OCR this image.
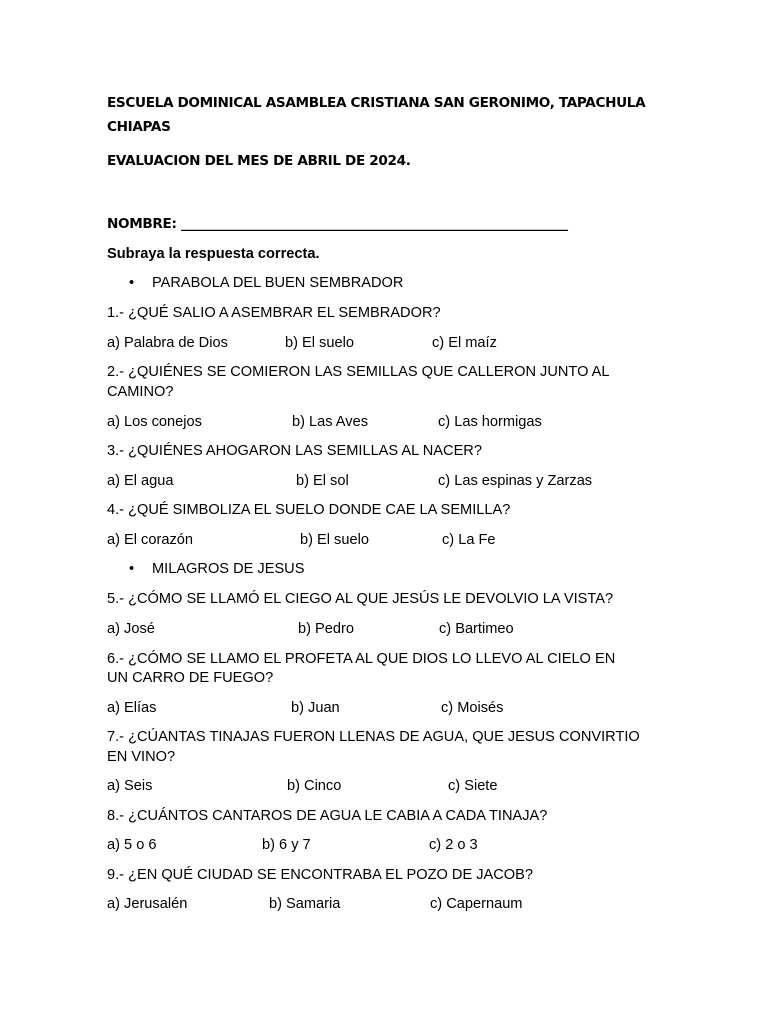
ESCUELA DOMINICAL ASAMBLEA CRISTIANA SAN GERONIMO, TAPACHULA
CHIAPAS
EVALUACION DEL MES DE ABRIL DE 2024.
NOMBRE: ____________________________________________________________
Subraya la respuesta correcta.
• PARABOLA DEL BUEN SEMBRADOR
1.- ¿QUÉ SALIO A ASEMBRAR EL SEMBRADOR?
a) Palabra de Dios	b) El suelo	c) El maíz
2.- ¿QUIÉNES SE COMIERON LAS SEMILLAS QUE CALLERON JUNTO AL
CAMINO?
a) Los conejos	b) Las Aves	c) Las hormigas
3.- ¿QUIÉNES AHOGARON LAS SEMILLAS AL NACER?
a) El agua	b) El sol	c) Las espinas y Zarzas
4.- ¿QUÉ SIMBOLIZA EL SUELO DONDE CAE LA SEMILLA?
a) El corazón	b) El suelo	c) La Fe
• MILAGROS DE JESUS
5.- ¿CÓMO SE LLAMÓ EL CIEGO AL QUE JESÚS LE DEVOLVIO LA VISTA?
a) José	b) Pedro	c) Bartimeo
6.- ¿CÓMO SE LLAMO EL PROFETA AL QUE DIOS LO LLEVO AL CIELO EN
UN CARRO DE FUEGO?
a) Elías	b) Juan	c) Moisés
7.- ¿CÚANTAS TINAJAS FUERON LLENAS DE AGUA, QUE JESUS CONVIRTIO
EN VINO?
a) Seis	b) Cinco	c) Siete
8.- ¿CUÁNTOS CANTAROS DE AGUA LE CABIA A CADA TINAJA?
a) 5 o 6	b) 6 y 7	c) 2 o 3
9.- ¿EN QUÉ CIUDAD SE ENCONTRABA EL POZO DE JACOB?
a) Jerusalén	b) Samaria	c) Capernaum
